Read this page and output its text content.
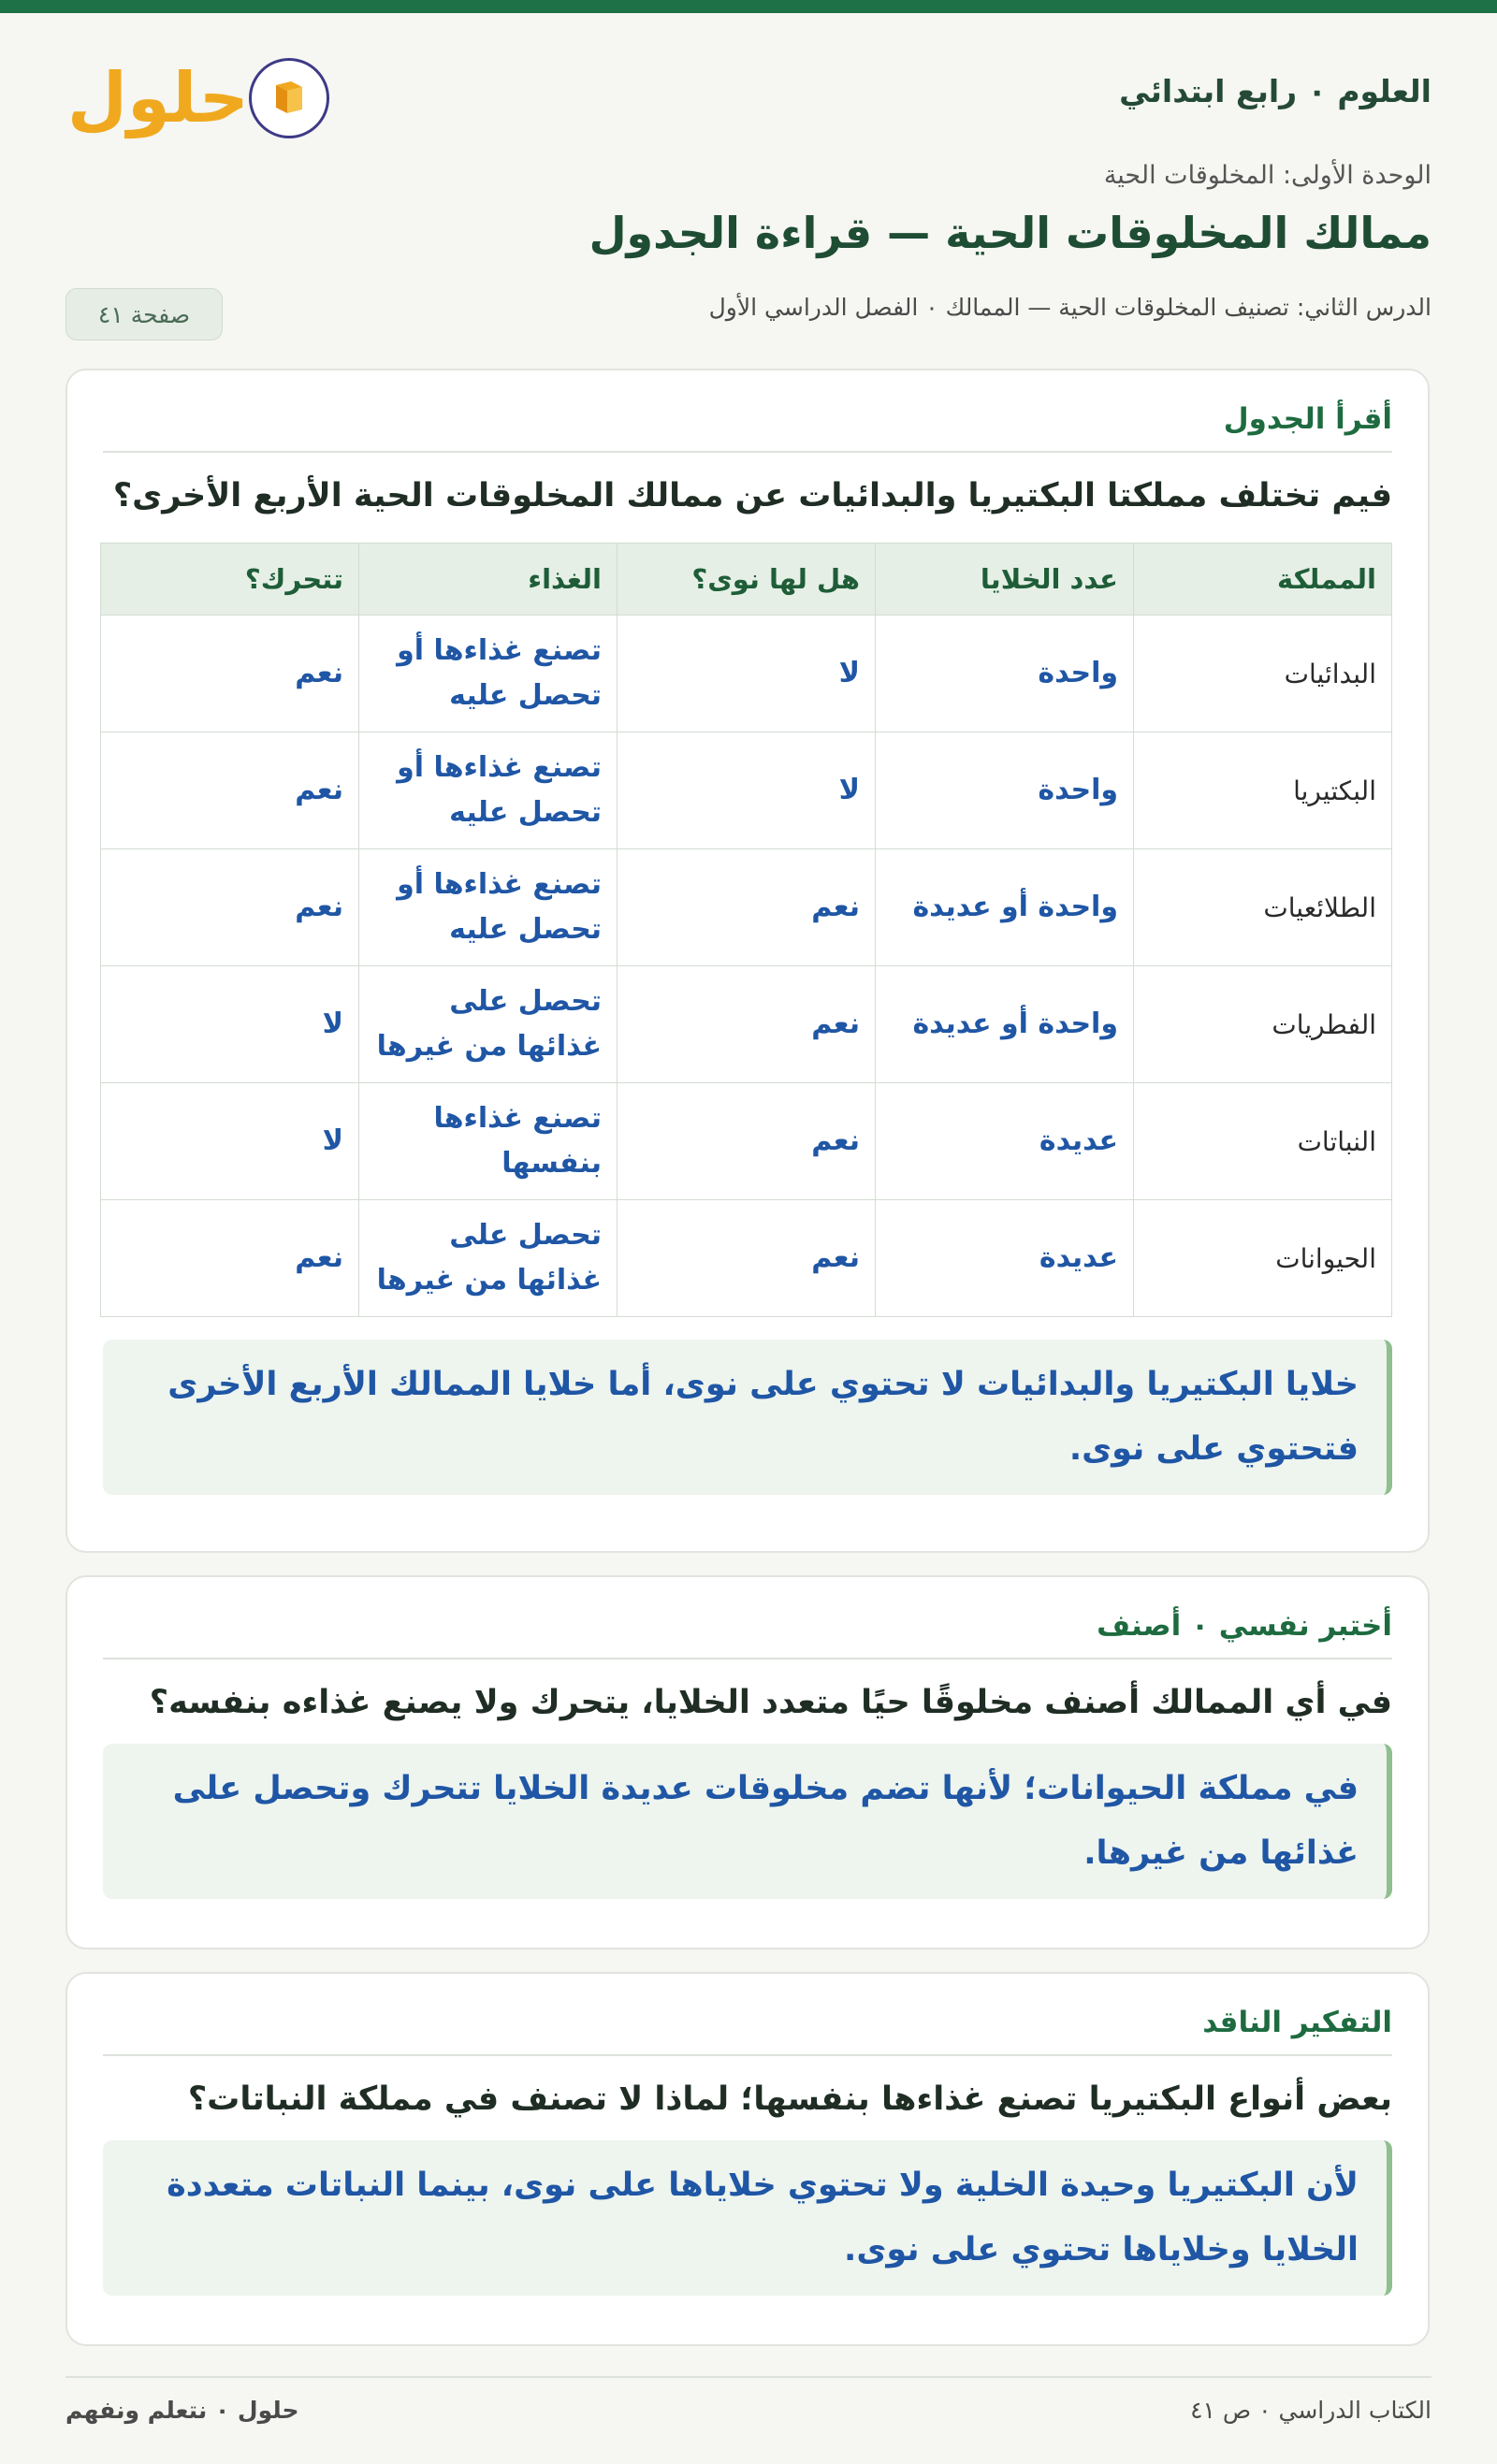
العلوم ٠ رابع ابتدائي
حلول
الوحدة الأولى: المخلوقات الحية
ممالك المخلوقات الحية — قراءة الجدول
الدرس الثاني: تصنيف المخلوقات الحية — الممالك ٠ الفصل الدراسي الأول
صفحة ٤١
أقرأ الجدول
فيم تختلف مملكتا البكتيريا والبدائيات عن ممالك المخلوقات الحية الأربع الأخرى؟
المملكة	عدد الخلايا	هل لها نوى؟	الغذاء	تتحرك؟
البدائيات	واحدة	لا	تصنع غذاءها أو تحصل عليه	نعم
البكتيريا	واحدة	لا	تصنع غذاءها أو تحصل عليه	نعم
الطلائعيات	واحدة أو عديدة	نعم	تصنع غذاءها أو تحصل عليه	نعم
الفطريات	واحدة أو عديدة	نعم	تحصل على غذائها من غيرها	لا
النباتات	عديدة	نعم	تصنع غذاءها بنفسها	لا
الحيوانات	عديدة	نعم	تحصل على غذائها من غيرها	نعم
خلايا البكتيريا والبدائيات لا تحتوي على نوى، أما خلايا الممالك الأربع الأخرى فتحتوي على نوى.
أختبر نفسي ٠ أصنف
في أي الممالك أصنف مخلوقًا حيًا متعدد الخلايا، يتحرك ولا يصنع غذاءه بنفسه؟
في مملكة الحيوانات؛ لأنها تضم مخلوقات عديدة الخلايا تتحرك وتحصل على غذائها من غيرها.
التفكير الناقد
بعض أنواع البكتيريا تصنع غذاءها بنفسها؛ لماذا لا تصنف في مملكة النباتات؟
لأن البكتيريا وحيدة الخلية ولا تحتوي خلاياها على نوى، بينما النباتات متعددة الخلايا وخلاياها تحتوي على نوى.
الكتاب الدراسي ٠ ص ٤١
حلول ٠ نتعلم ونفهم
